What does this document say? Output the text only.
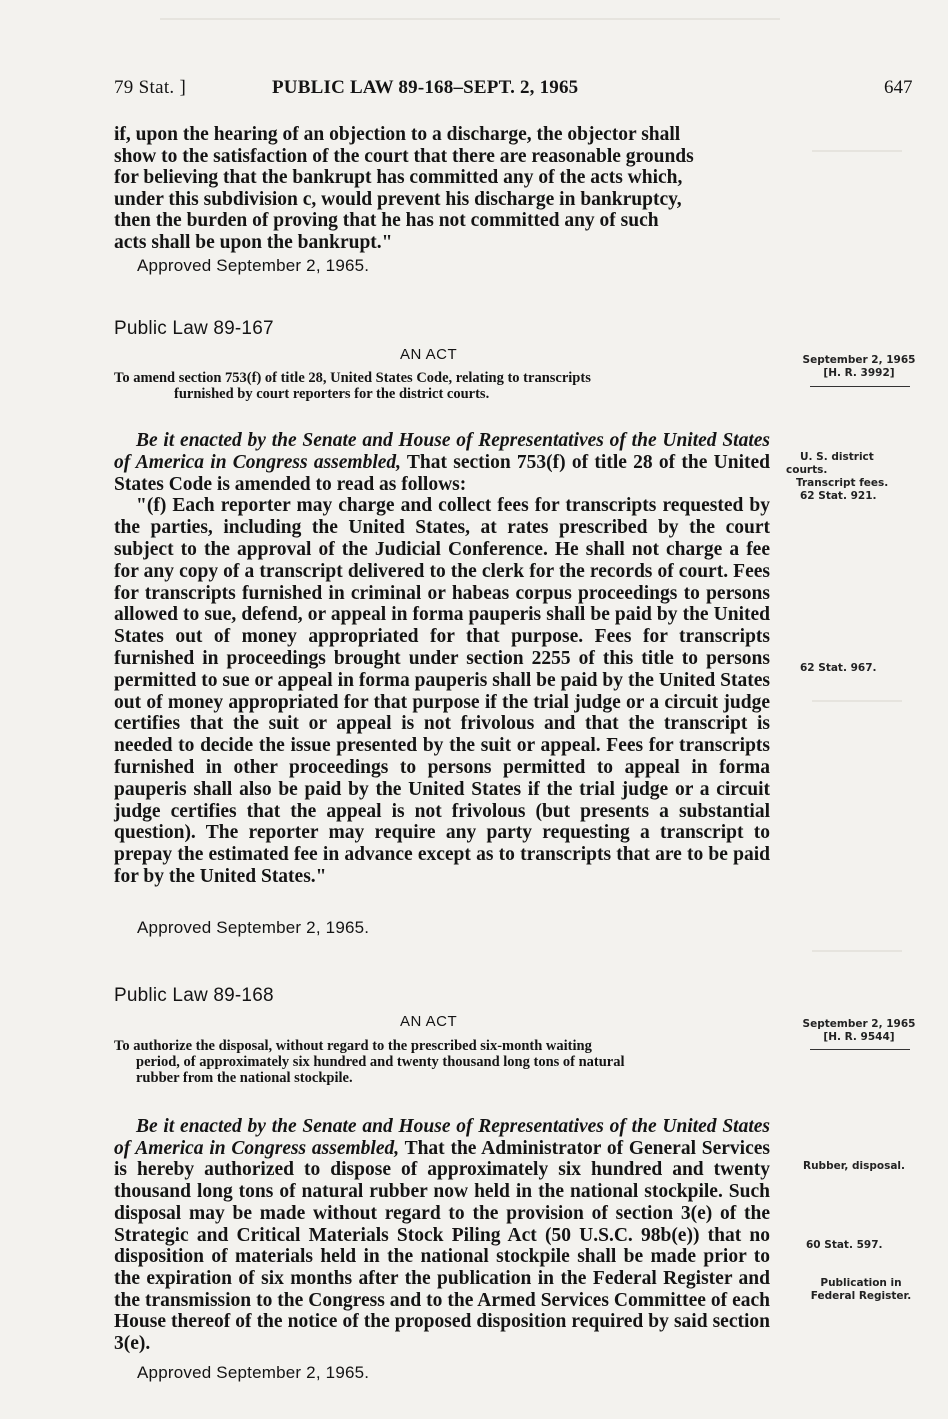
79 Stat. ]	PUBLIC LAW 89-168–SEPT. 2, 1965	647

if, upon the hearing of an objection to a discharge, the objector shall

show to the satisfaction of the court that there are reasonable grounds

for believing that the bankrupt has committed any of the acts which,

under this subdivision c, would prevent his discharge in bankruptcy,

then the burden of proving that he has not committed any of such

acts shall be upon the bankrupt."

Approved September 2, 1965.
Public Law 89-167
AN ACT
To amend section 753(f) of title 28, United States Code, relating to transcripts
furnished by court reporters for the district courts.
September 2, 1965
[H. R. 3992]

Be it enacted by the Senate and House of Representatives of the United States of America in Congress assembled, That section 753(f) of title 28 of the United States Code is amended to read as follows:

"(f) Each reporter may charge and collect fees for transcripts requested by the parties, including the United States, at rates prescribed by the court subject to the approval of the Judicial Conference. He shall not charge a fee for any copy of a transcript delivered to the clerk for the records of court. Fees for transcripts furnished in criminal or habeas corpus proceedings to persons allowed to sue, defend, or appeal in forma pauperis shall be paid by the United States out of money appropriated for that purpose. Fees for transcripts furnished in proceedings brought under section 2255 of this title to persons permitted to sue or appeal in forma pauperis shall be paid by the United States out of money appropriated for that purpose if the trial judge or a circuit judge certifies that the suit or appeal is not frivolous and that the transcript is needed to decide the issue presented by the suit or appeal. Fees for transcripts furnished in other proceedings to persons permitted to appeal in forma pauperis shall also be paid by the United States if the trial judge or a circuit judge certifies that the appeal is not frivolous (but presents a substantial question). The reporter may require any party requesting a transcript to prepay the estimated fee in advance except as to transcripts that are to be paid for by the United States."

Approved September 2, 1965.
U. S. district
courts.
Transcript fees.
62 Stat. 921.
62 Stat. 967.
Public Law 89-168
AN ACT
To authorize the disposal, without regard to the prescribed six-month waiting
period, of approximately six hundred and twenty thousand long tons of natural
rubber from the national stockpile.
September 2, 1965
[H. R. 9544]

Be it enacted by the Senate and House of Representatives of the United States of America in Congress assembled, That the Administrator of General Services is hereby authorized to dispose of approximately six hundred and twenty thousand long tons of natural rubber now held in the national stockpile. Such disposal may be made without regard to the provision of section 3(e) of the Strategic and Critical Materials Stock Piling Act (50 U.S.C. 98b(e)) that no disposition of materials held in the national stockpile shall be made prior to the expiration of six months after the publication in the Federal Register and the transmission to the Congress and to the Armed Services Committee of each House thereof of the notice of the proposed disposition required by said section 3(e).

Approved September 2, 1965.
Rubber, disposal.
60 Stat. 597.
Publication in
Federal Register.
